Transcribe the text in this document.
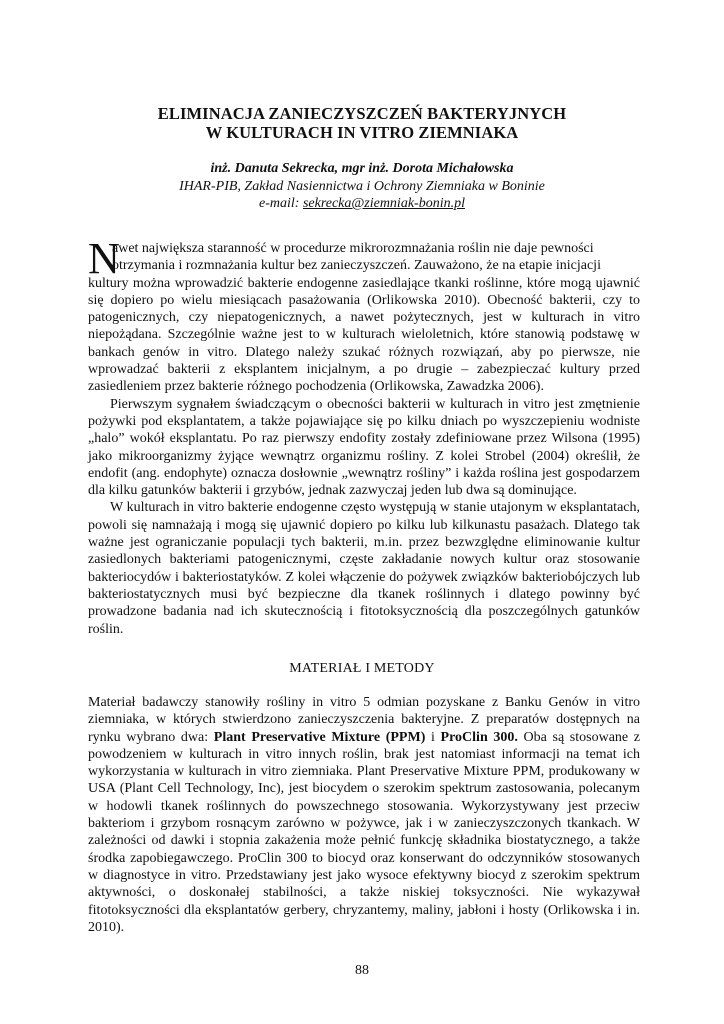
ELIMINACJA ZANIECZYSZCZEŃ BAKTERYJNYCH
W KULTURACH IN VITRO ZIEMNIAKA
inż. Danuta Sekrecka, mgr inż. Dorota Michałowska
IHAR-PIB, Zakład Nasiennictwa i Ochrony Ziemniaka w Boninie
e-mail: sekrecka@ziemniak-bonin.pl
N

awet największa staranność w procedurze mikrorozmnażania roślin nie daje pewności
otrzymania i rozmnażania kultur bez zanieczyszczeń. Zauważono, że na etapie inicjacji
kultury można wprowadzić bakterie endogenne zasiedlające tkanki roślinne, które mogą ujawnić się dopiero po wielu miesiącach pasażowania (Orlikowska 2010). Obecność bakterii, czy to patogenicznych, czy niepatogenicznych, a nawet pożytecznych, jest w kulturach in vitro niepożądana. Szczególnie ważne jest to w kulturach wieloletnich, które stanowią podstawę w bankach genów in vitro. Dlatego należy szukać różnych rozwiązań, aby po pierwsze, nie wprowadzać bakterii z eksplantem inicjalnym, a po drugie – zabezpieczać kultury przed zasiedleniem przez bakterie różnego pochodzenia (Orlikowska, Zawadzka 2006).

Pierwszym sygnałem świadczącym o obecności bakterii w kulturach in vitro jest zmętnienie pożywki pod eksplantatem, a także pojawiające się po kilku dniach po wyszczepieniu wodniste „halo” wokół eksplantatu. Po raz pierwszy endofity zostały zdefiniowane przez Wilsona (1995) jako mikroorganizmy żyjące wewnątrz organizmu rośliny. Z kolei Strobel (2004) określił, że endofit (ang. endophyte) oznacza dosłownie „wewnątrz rośliny” i każda roślina jest gospodarzem dla kilku gatunków bakterii i grzybów, jednak zazwyczaj jeden lub dwa są dominujące.

W kulturach in vitro bakterie endogenne często występują w stanie utajonym w eksplantatach, powoli się namnażają i mogą się ujawnić dopiero po kilku lub kilkunastu pasażach. Dlatego tak ważne jest ograniczanie populacji tych bakterii, m.in. przez bezwzględne eliminowanie kultur zasiedlonych bakteriami patogenicznymi, częste zakładanie nowych kultur oraz stosowanie bakteriocydów i bakteriostatyków. Z kolei włączenie do pożywek związków bakteriobójczych lub bakteriostatycznych musi być bezpieczne dla tkanek roślinnych i dlatego powinny być prowadzone badania nad ich skutecznością i fitotoksycznością dla poszczególnych gatunków roślin.

MATERIAŁ I METODY

Materiał badawczy stanowiły rośliny in vitro 5 odmian pozyskane z Banku Genów in vitro ziemniaka, w których stwierdzono zanieczyszczenia bakteryjne. Z preparatów dostępnych na rynku wybrano dwa: Plant Preservative Mixture (PPM) i ProClin 300. Oba są stosowane z powodzeniem w kulturach in vitro innych roślin, brak jest natomiast informacji na temat ich wykorzystania w kulturach in vitro ziemniaka. Plant Preservative Mixture PPM, produkowany w USA (Plant Cell Technology, Inc), jest biocydem o szerokim spektrum zastosowania, polecanym w hodowli tkanek roślinnych do powszechnego stosowania. Wykorzystywany jest przeciw bakteriom i grzybom rosnącym zarówno w pożywce, jak i w zanieczyszczonych tkankach. W zależności od dawki i stopnia zakażenia może pełnić funkcję składnika biostatycznego, a także środka zapobiegawczego. ProClin 300 to biocyd oraz konserwant do odczynników stosowanych w diagnostyce in vitro. Przedstawiany jest jako wysoce efektywny biocyd z szerokim spektrum aktywności, o doskonałej stabilności, a także niskiej toksyczności. Nie wykazywał fitotoksyczności dla eksplantatów gerbery, chryzantemy, maliny, jabłoni i hosty (Orlikowska i in. 2010).

88
